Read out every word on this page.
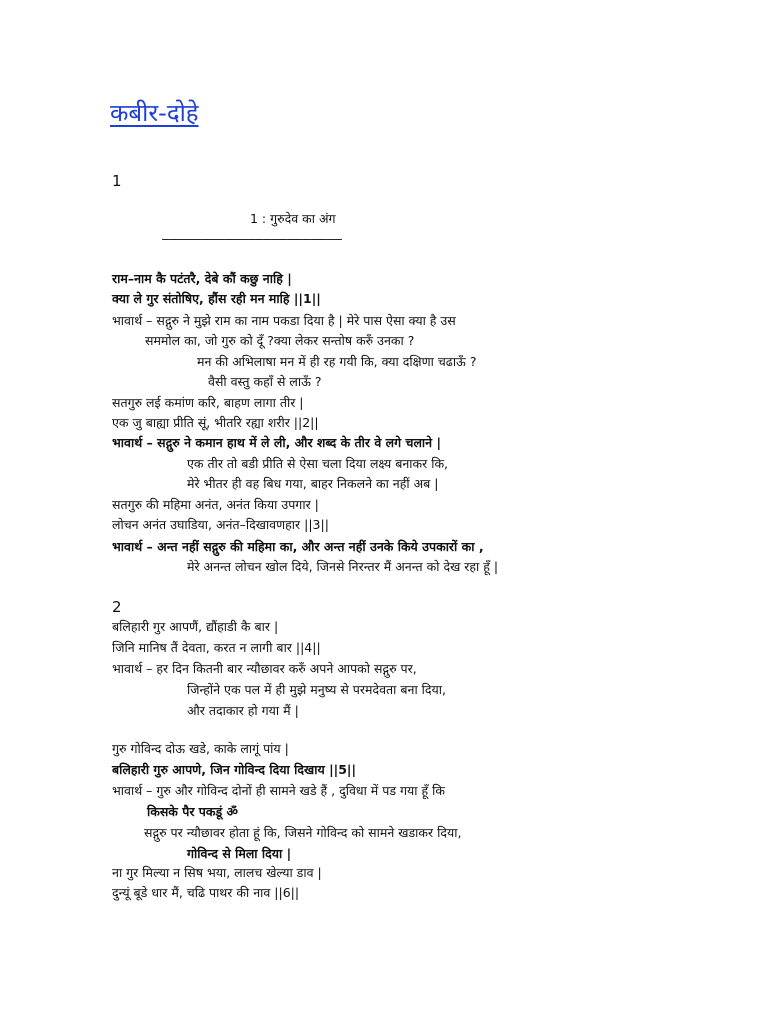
कबीर-दोहे
1
1 : गुरुदेव का अंग
———————————————————————
राम–नाम कै पटंतरै, देबे कौं कछु नाहि |
क्या ले गुर संतोषिए, हौंस रही मन माहि ||1||
भावार्थ – सद्गुरु ने मुझे राम का नाम पकडा दिया है | मेरे पास ऐसा क्या है उस
सममोल का, जो गुरु को दूँ ?क्या लेकर सन्तोष करुँ उनका ?
मन की अभिलाषा मन में ही रह गयी कि, क्या दक्षिणा चढाऊँ ?
वैसी वस्तु कहाँ से लाऊँ ?
सतगुरु लई कमांण करि, बाहण लागा तीर |
एक जु बाह्या प्रीति सूं, भीतरि रह्या शरीर ||2||
भावार्थ – सद्गुरु ने कमान हाथ में ले ली, और शब्द के तीर वे लगे चलाने |
एक तीर तो बडी प्रीति से ऐसा चला दिया लक्ष्य बनाकर कि,
मेरे भीतर ही वह बिध गया, बाहर निकलने का नहीं अब |
सतगुरु की महिमा अनंत, अनंत किया उपगार |
लोचन अनंत उघाडिया, अनंत–दिखावणहार ||3||
भावार्थ – अन्त नहीं सद्गुरु की महिमा का, और अन्त नहीं उनके किये उपकारों का ,
मेरे अनन्त लोचन खोल दिये, जिनसे निरन्तर मैं अनन्त को देख रहा हूँ |
2
बलिहारी गुर आपणैं, द्यौंहाडी कै बार |
जिनि मानिष तैं देवता, करत न लागी बार ||4||
भावार्थ – हर दिन कितनी बार न्यौछावर करुँ अपने आपको सद्गुरु पर,
जिन्होंने एक पल में ही मुझे मनुष्य से परमदेवता बना दिया,
और तदाकार हो गया मैं |
गुरु गोविन्द दोऊ खडे, काके लागूं पांय |
बलिहारी गुरु आपणे, जिन गोविन्द दिया दिखाय ||5||
भावार्थ – गुरु और गोविन्द दोनों ही सामने खडे हैं , दुविधा में पड गया हूँ कि
किसके पैर पकडूं ॐ
सद्गुरु पर न्यौछावर होता हूं कि, जिसने गोविन्द को सामने खडाकर दिया,
गोविन्द से मिला दिया |
ना गुर मिल्या न सिष भया, लालच खेल्या डाव |
दुन्यूं बूडे धार मैं, चढि पाथर की नाव ||6||
